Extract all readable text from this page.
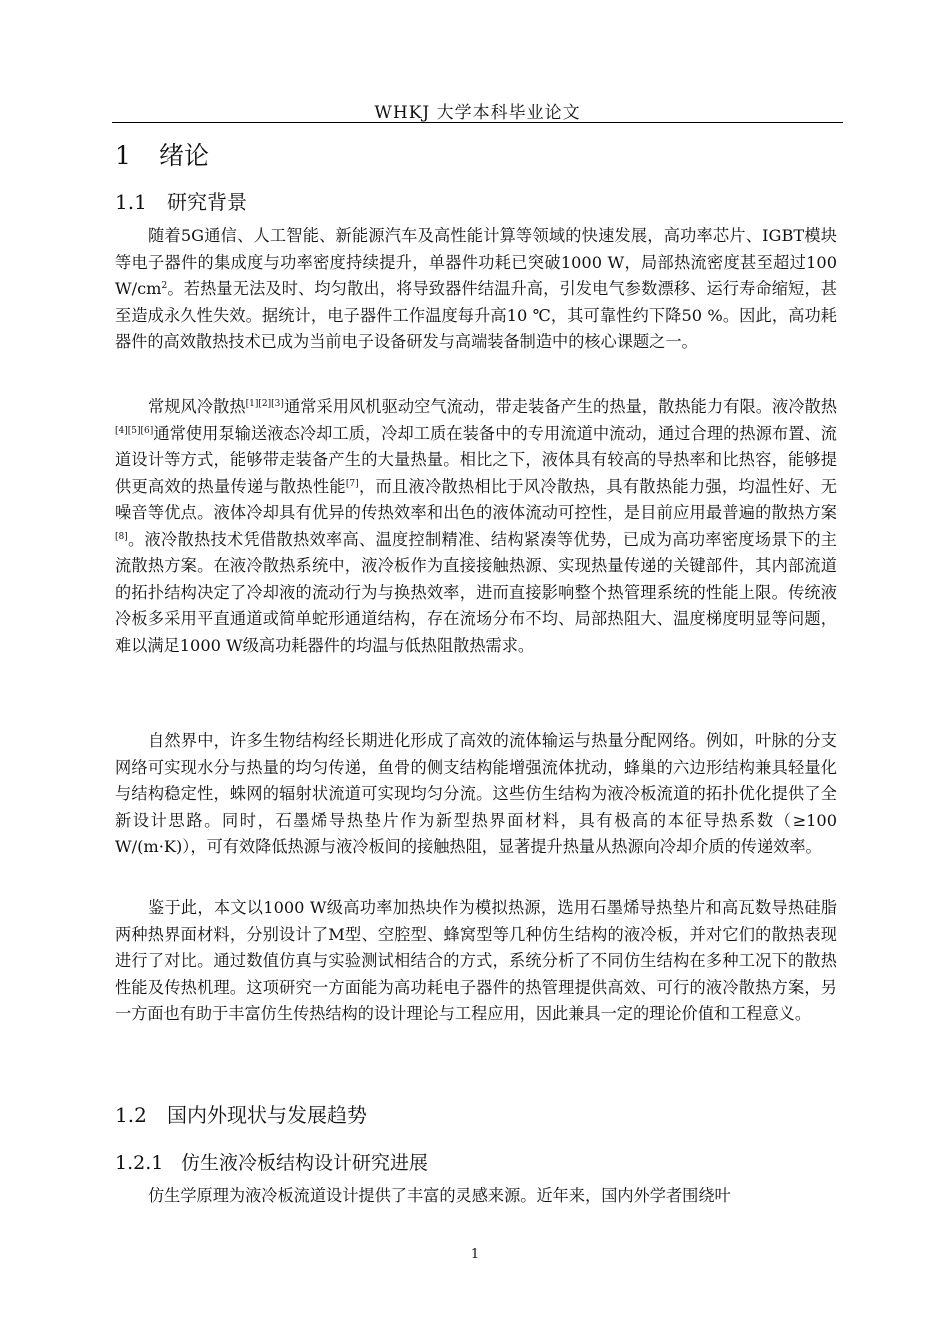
WHKJ 大学本科毕业论文
1 绪论
1.1 研究背景

随着5G通信、人工智能、新能源汽车及高性能计算等领域的快速发展，高功率芯片、IGBT模块等电子器件的集成度与功率密度持续提升，单器件功耗已突破1000 W，局部热流密度甚至超过100 $W/cm^2$。若热量无法及时、均匀散出，将导致器件结温升高，引发电气参数漂移、运行寿命缩短，甚至造成永久性失效。据统计，电子器件工作温度每升高10 ℃，其可靠性约下降50 %。因此，高功耗器件的高效散热技术已成为当前电子设备研发与高端装备制造中的核心课题之一。

常规风冷散热[1][2][3]通常采用风机驱动空气流动，带走装备产生的热量，散热能力有限。液冷散热[4][5][6]通常使用泵输送液态冷却工质，冷却工质在装备中的专用流道中流动，通过合理的热源布置、流道设计等方式，能够带走装备产生的大量热量。相比之下，液体具有较高的导热率和比热容，能够提供更高效的热量传递与散热性能[7]，而且液冷散热相比于风冷散热，具有散热能力强，均温性好、无噪音等优点。液体冷却具有优异的传热效率和出色的液体流动可控性，是目前应用最普遍的散热方案[8]。液冷散热技术凭借散热效率高、温度控制精准、结构紧凑等优势，已成为高功率密度场景下的主流散热方案。在液冷散热系统中，液冷板作为直接接触热源、实现热量传递的关键部件，其内部流道的拓扑结构决定了冷却液的流动行为与换热效率，进而直接影响整个热管理系统的性能上限。传统液冷板多采用平直通道或简单蛇形通道结构，存在流场分布不均、局部热阻大、温度梯度明显等问题，难以满足1000 W级高功耗器件的均温与低热阻散热需求。

自然界中，许多生物结构经长期进化形成了高效的流体输运与热量分配网络。例如，叶脉的分支网络可实现水分与热量的均匀传递，鱼骨的侧支结构能增强流体扰动，蜂巢的六边形结构兼具轻量化与结构稳定性，蛛网的辐射状流道可实现均匀分流。这些仿生结构为液冷板流道的拓扑优化提供了全新设计思路。同时，石墨烯导热垫片作为新型热界面材料，具有极高的本征导热系数（≥100 W/(m·K)），可有效降低热源与液冷板间的接触热阻，显著提升热量从热源向冷却介质的传递效率。

鉴于此，本文以1000 W级高功率加热块作为模拟热源，选用石墨烯导热垫片和高瓦数导热硅脂两种热界面材料，分别设计了M型、空腔型、蜂窝型等几种仿生结构的液冷板，并对它们的散热表现进行了对比。通过数值仿真与实验测试相结合的方式，系统分析了不同仿生结构在多种工况下的散热性能及传热机理。这项研究一方面能为高功耗电子器件的热管理提供高效、可行的液冷散热方案，另一方面也有助于丰富仿生传热结构的设计理论与工程应用，因此兼具一定的理论价值和工程意义。

1.2 国内外现状与发展趋势
1.2.1 仿生液冷板结构设计研究进展

仿生学原理为液冷板流道设计提供了丰富的灵感来源。近年来，国内外学者围绕叶

1
